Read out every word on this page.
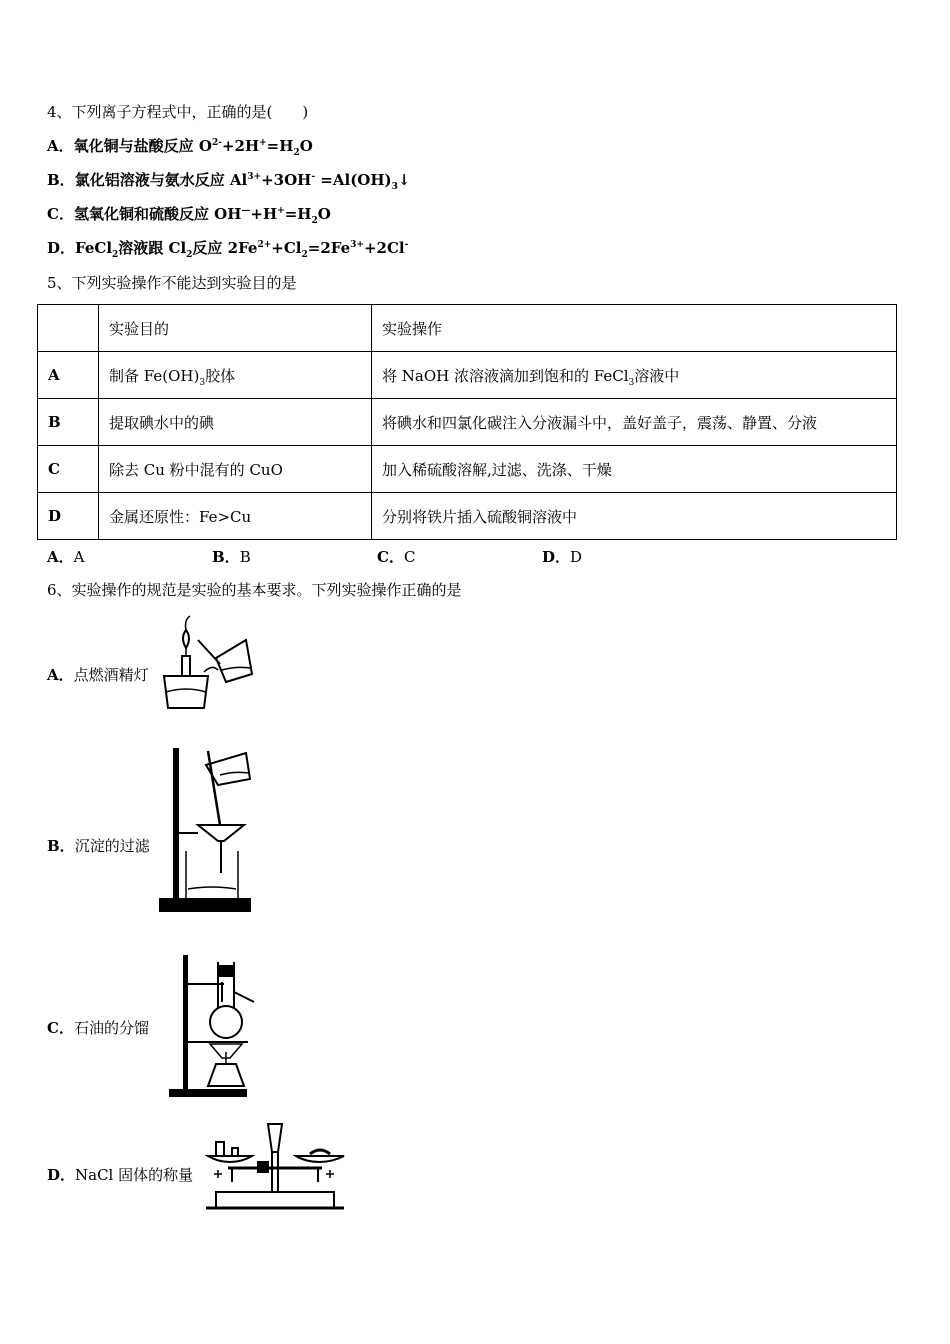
4、下列离子方程式中，正确的是(　　)
A．氧化铜与盐酸反应 $O^{2-}+2H^+=H_2O$
B．氯化铝溶液与氨水反应 $Al^{3+}+3OH^-$ $=Al(OH)_3↓$
C．氢氧化铜和硫酸反应 $OH^—+H^+=H_2O$
D．FeCl$_2$溶液跟 $Cl_2$反应 $2Fe^{2+}+Cl_2=2Fe^{3+}+2Cl^-$
5、下列实验操作不能达到实验目的是
	实验目的	实验操作
A	制备 $Fe(OH)_3$胶体	将 NaOH 浓溶液滴加到饱和的 FeCl$_3$溶液中
B	提取碘水中的碘	将碘水和四氯化碳注入分液漏斗中，盖好盖子，震荡、静置、分液
C	除去 Cu 粉中混有的 CuO	加入稀硫酸溶解,过滤、洗涤、干燥
D	金属还原性：Fe>Cu	分别将铁片插入硫酸铜溶液中
A．A	B．B	C．C	D．D
6、实验操作的规范是实验的基本要求。下列实验操作正确的是
A．点燃酒精灯
B．沉淀的过滤
C．石油的分馏
D．NaCl 固体的称量
